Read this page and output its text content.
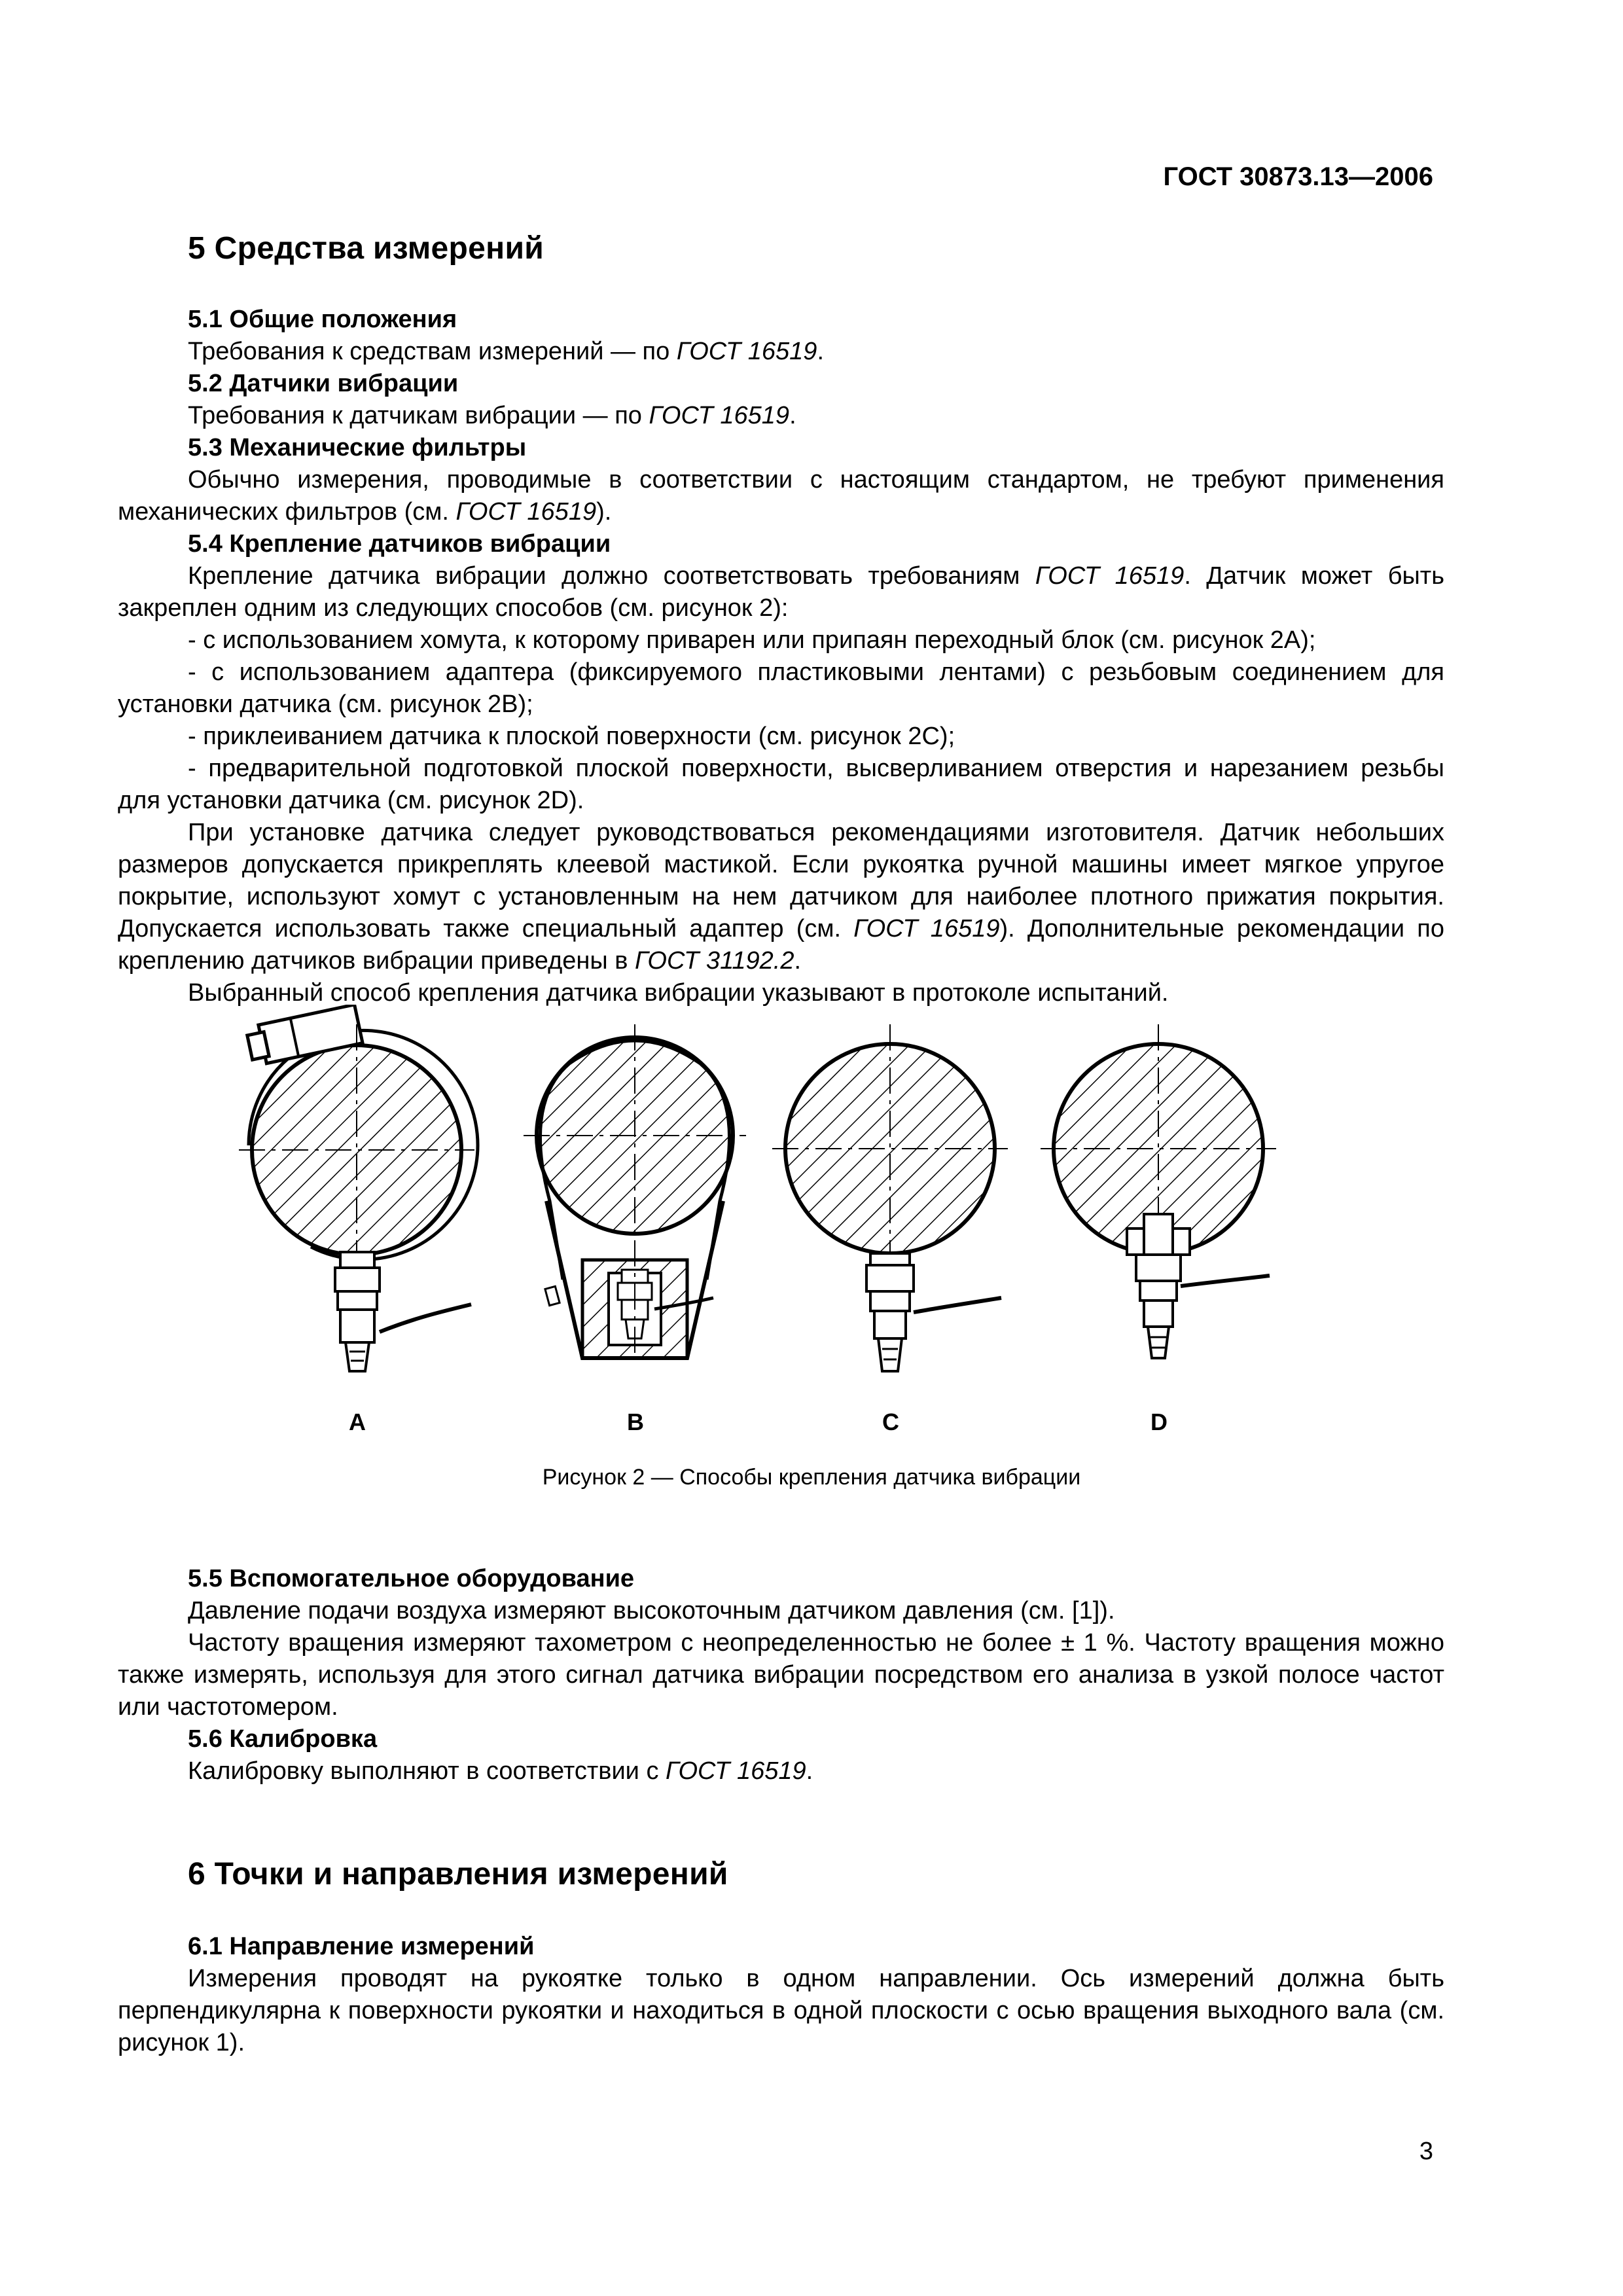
ГОСТ 30873.13—2006
5 Средства измерений

5.1 Общие положения

Требования к средствам измерений — по ГОСТ 16519.

5.2 Датчики вибрации

Требования к датчикам вибрации — по ГОСТ 16519.

5.3 Механические фильтры

Обычно измерения, проводимые в соответствии с настоящим стандартом, не требуют применения механических фильтров (см. ГОСТ 16519).

5.4 Крепление датчиков вибрации

Крепление датчика вибрации должно соответствовать требованиям ГОСТ 16519. Датчик может быть закреплен одним из следующих способов (см. рисунок 2):

- с использованием хомута, к которому приварен или припаян переходный блок (см. рисунок 2А);

- с использованием адаптера (фиксируемого пластиковыми лентами) с резьбовым соединением для установки датчика (см. рисунок 2В);

- приклеиванием датчика к плоской поверхности (см. рисунок 2С);

- предварительной подготовкой плоской поверхности, высверливанием отверстия и нарезанием резьбы для установки датчика (см. рисунок 2D).

При установке датчика следует руководствоваться рекомендациями изготовителя. Датчик небольших размеров допускается прикреплять клеевой мастикой. Если рукоятка ручной машины имеет мягкое упругое покрытие, используют хомут с установленным на нем датчиком для наиболее плотного прижатия покрытия. Допускается использовать также специальный адаптер (см. ГОСТ 16519). Дополнительные рекомендации по креплению датчиков вибрации приведены в ГОСТ 31192.2.

Выбранный способ крепления датчика вибрации указывают в протоколе испытаний.

A	B	C	D
Рисунок 2 — Способы крепления датчика вибрации

5.5 Вспомогательное оборудование

Давление подачи воздуха измеряют высокоточным датчиком давления (см. [1]).

Частоту вращения измеряют тахометром с неопределенностью не более ± 1 %. Частоту вращения можно также измерять, используя для этого сигнал датчика вибрации посредством его анализа в узкой полосе частот или частотомером.

5.6 Калибровка

Калибровку выполняют в соответствии с ГОСТ 16519.

6 Точки и направления измерений

6.1 Направление измерений

Измерения проводят на рукоятке только в одном направлении. Ось измерений должна быть перпендикулярна к поверхности рукоятки и находиться в одной плоскости с осью вращения выходного вала (см. рисунок 1).

3
